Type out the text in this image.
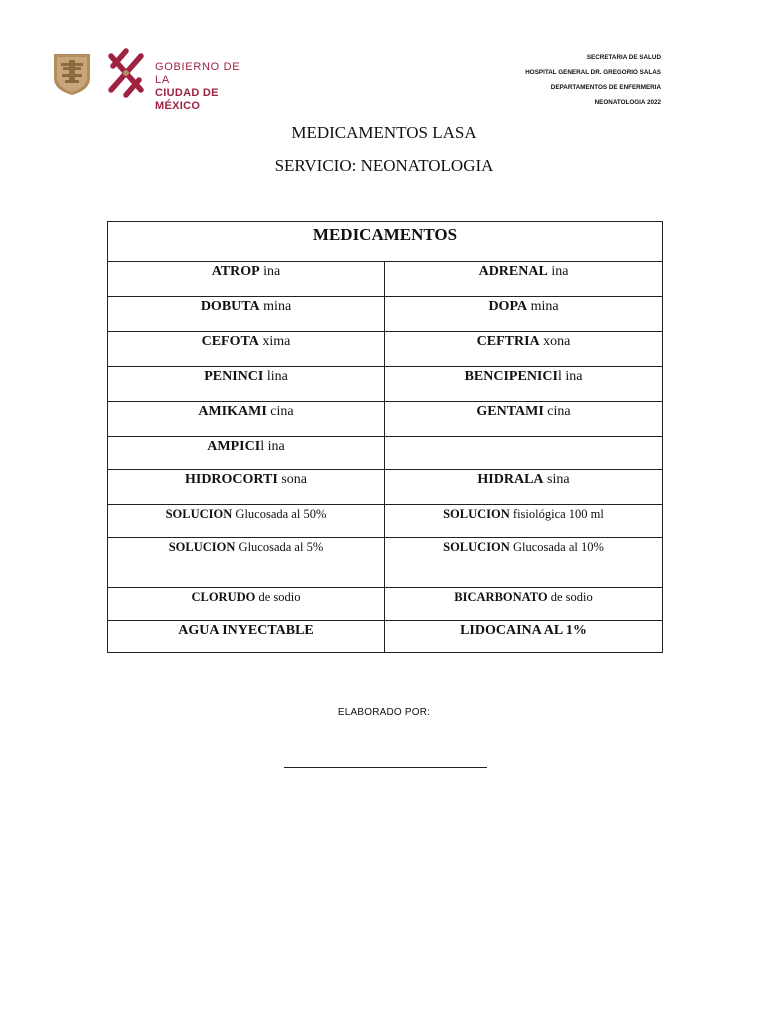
GOBIERNO DE LA
CIUDAD DE MÉXICO
SECRETARIA DE SALUD
HOSPITAL GENERAL DR. GREGORIO SALAS
DEPARTAMENTOS DE ENFERMERIA
NEONATOLOGIA 2022
MEDICAMENTOS LASA
SERVICIO: NEONATOLOGIA
MEDICAMENTOS	
ATROP ina	ADRENAL ina
DOBUTA mina	DOPA mina
CEFOTA xima	CEFTRIA xona
PENINCI lina	BENCIPENICIl ina
AMIKAMI cina	GENTAMI cina
AMPICIl ina	
HIDROCORTI sona	HIDRALA sina
SOLUCION Glucosada al 50%	SOLUCION fisiológica 100 ml
SOLUCION Glucosada al 5%	SOLUCION Glucosada al 10%
CLORUDO de sodio	BICARBONATO de sodio
AGUA INYECTABLE	LIDOCAINA AL 1%
ELABORADO POR:
